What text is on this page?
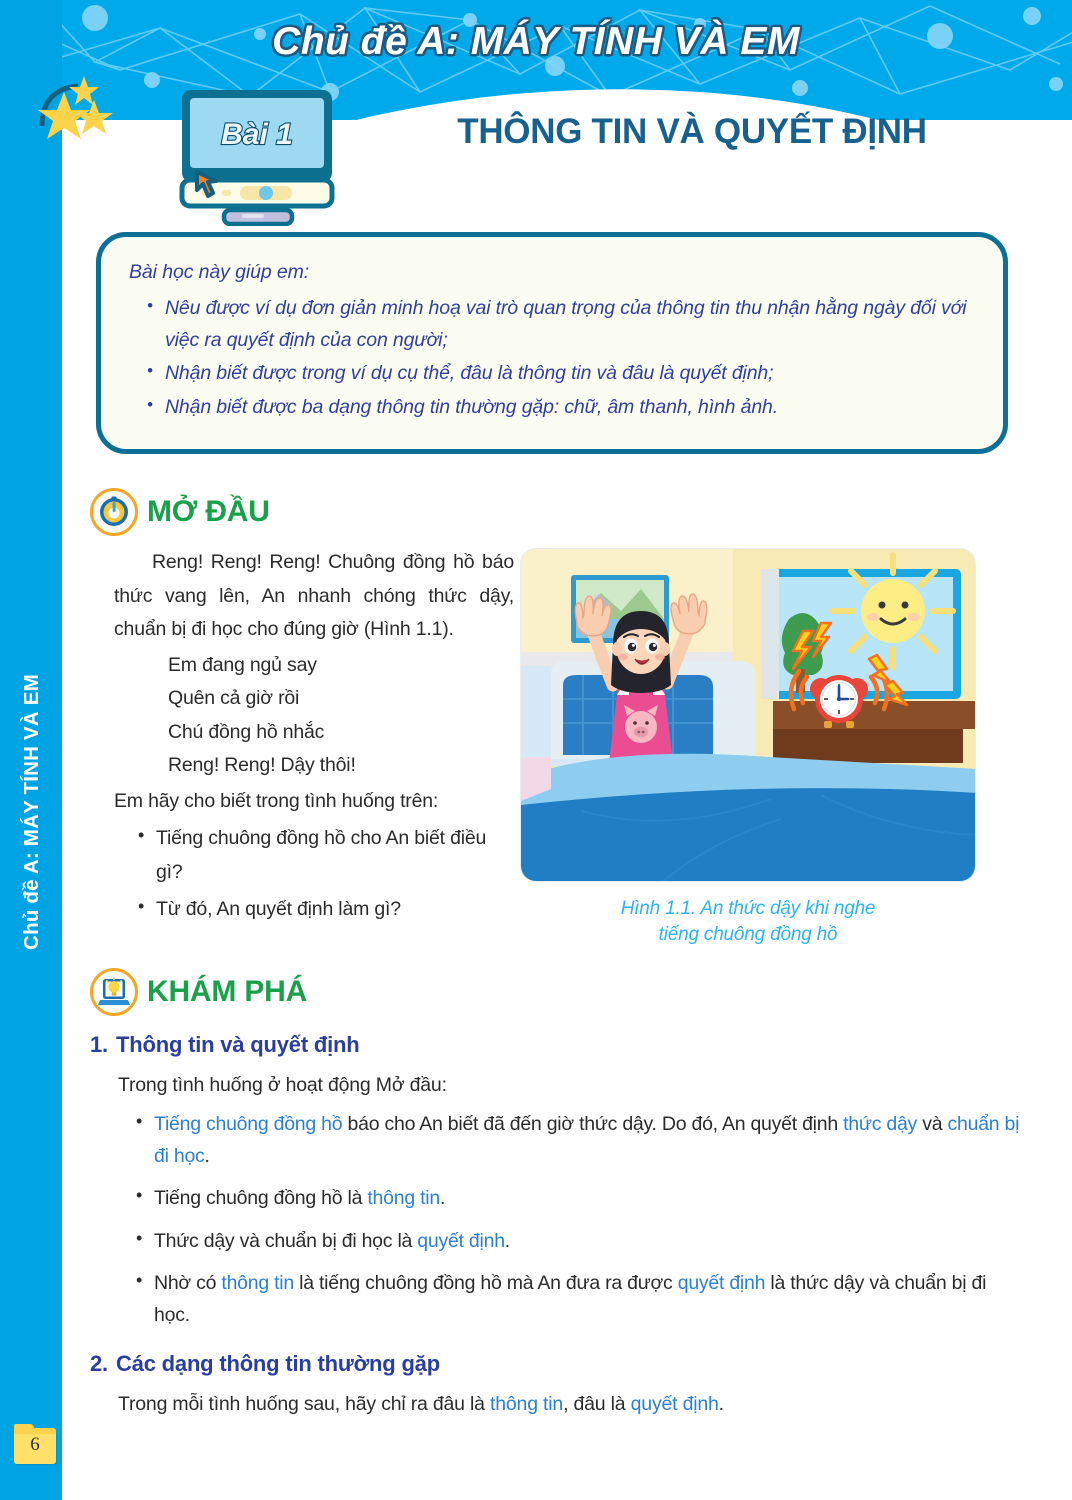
Chủ đề A: MÁY TÍNH VÀ EM
Chủ đề A: MÁY TÍNH VÀ EM
6
Bài 1	THÔNG TIN VÀ QUYẾT ĐỊNH
Bài học này giúp em:
• Nêu được ví dụ đơn giản minh hoạ vai trò quan trọng của thông tin thu nhận hằng ngày đối với việc ra quyết định của con người;
• Nhận biết được trong ví dụ cụ thể, đâu là thông tin và đâu là quyết định;
• Nhận biết được ba dạng thông tin thường gặp: chữ, âm thanh, hình ảnh.
MỞ ĐẦU

Reng! Reng! Reng! Chuông đồng hồ báo thức vang lên, An nhanh chóng thức dậy, chuẩn bị đi học cho đúng giờ (Hình 1.1).

Em đang ngủ say
Quên cả giờ rồi
Chú đồng hồ nhắc
Reng! Reng! Dậy thôi!
Em hãy cho biết trong tình huống trên:
• Tiếng chuông đồng hồ cho An biết điều gì?
• Từ đó, An quyết định làm gì?	Hình 1.1. An thức dậy khi nghe
tiếng chuông đồng hồ
KHÁM PHÁ
1. Thông tin và quyết định
Trong tình huống ở hoạt động Mở đầu:
• Tiếng chuông đồng hồ báo cho An biết đã đến giờ thức dậy. Do đó, An quyết định thức dậy và chuẩn bị đi học.
• Tiếng chuông đồng hồ là thông tin.
• Thức dậy và chuẩn bị đi học là quyết định.
• Nhờ có thông tin là tiếng chuông đồng hồ mà An đưa ra được quyết định là thức dậy và chuẩn bị đi học.
2. Các dạng thông tin thường gặp
Trong mỗi tình huống sau, hãy chỉ ra đâu là thông tin, đâu là quyết định.
